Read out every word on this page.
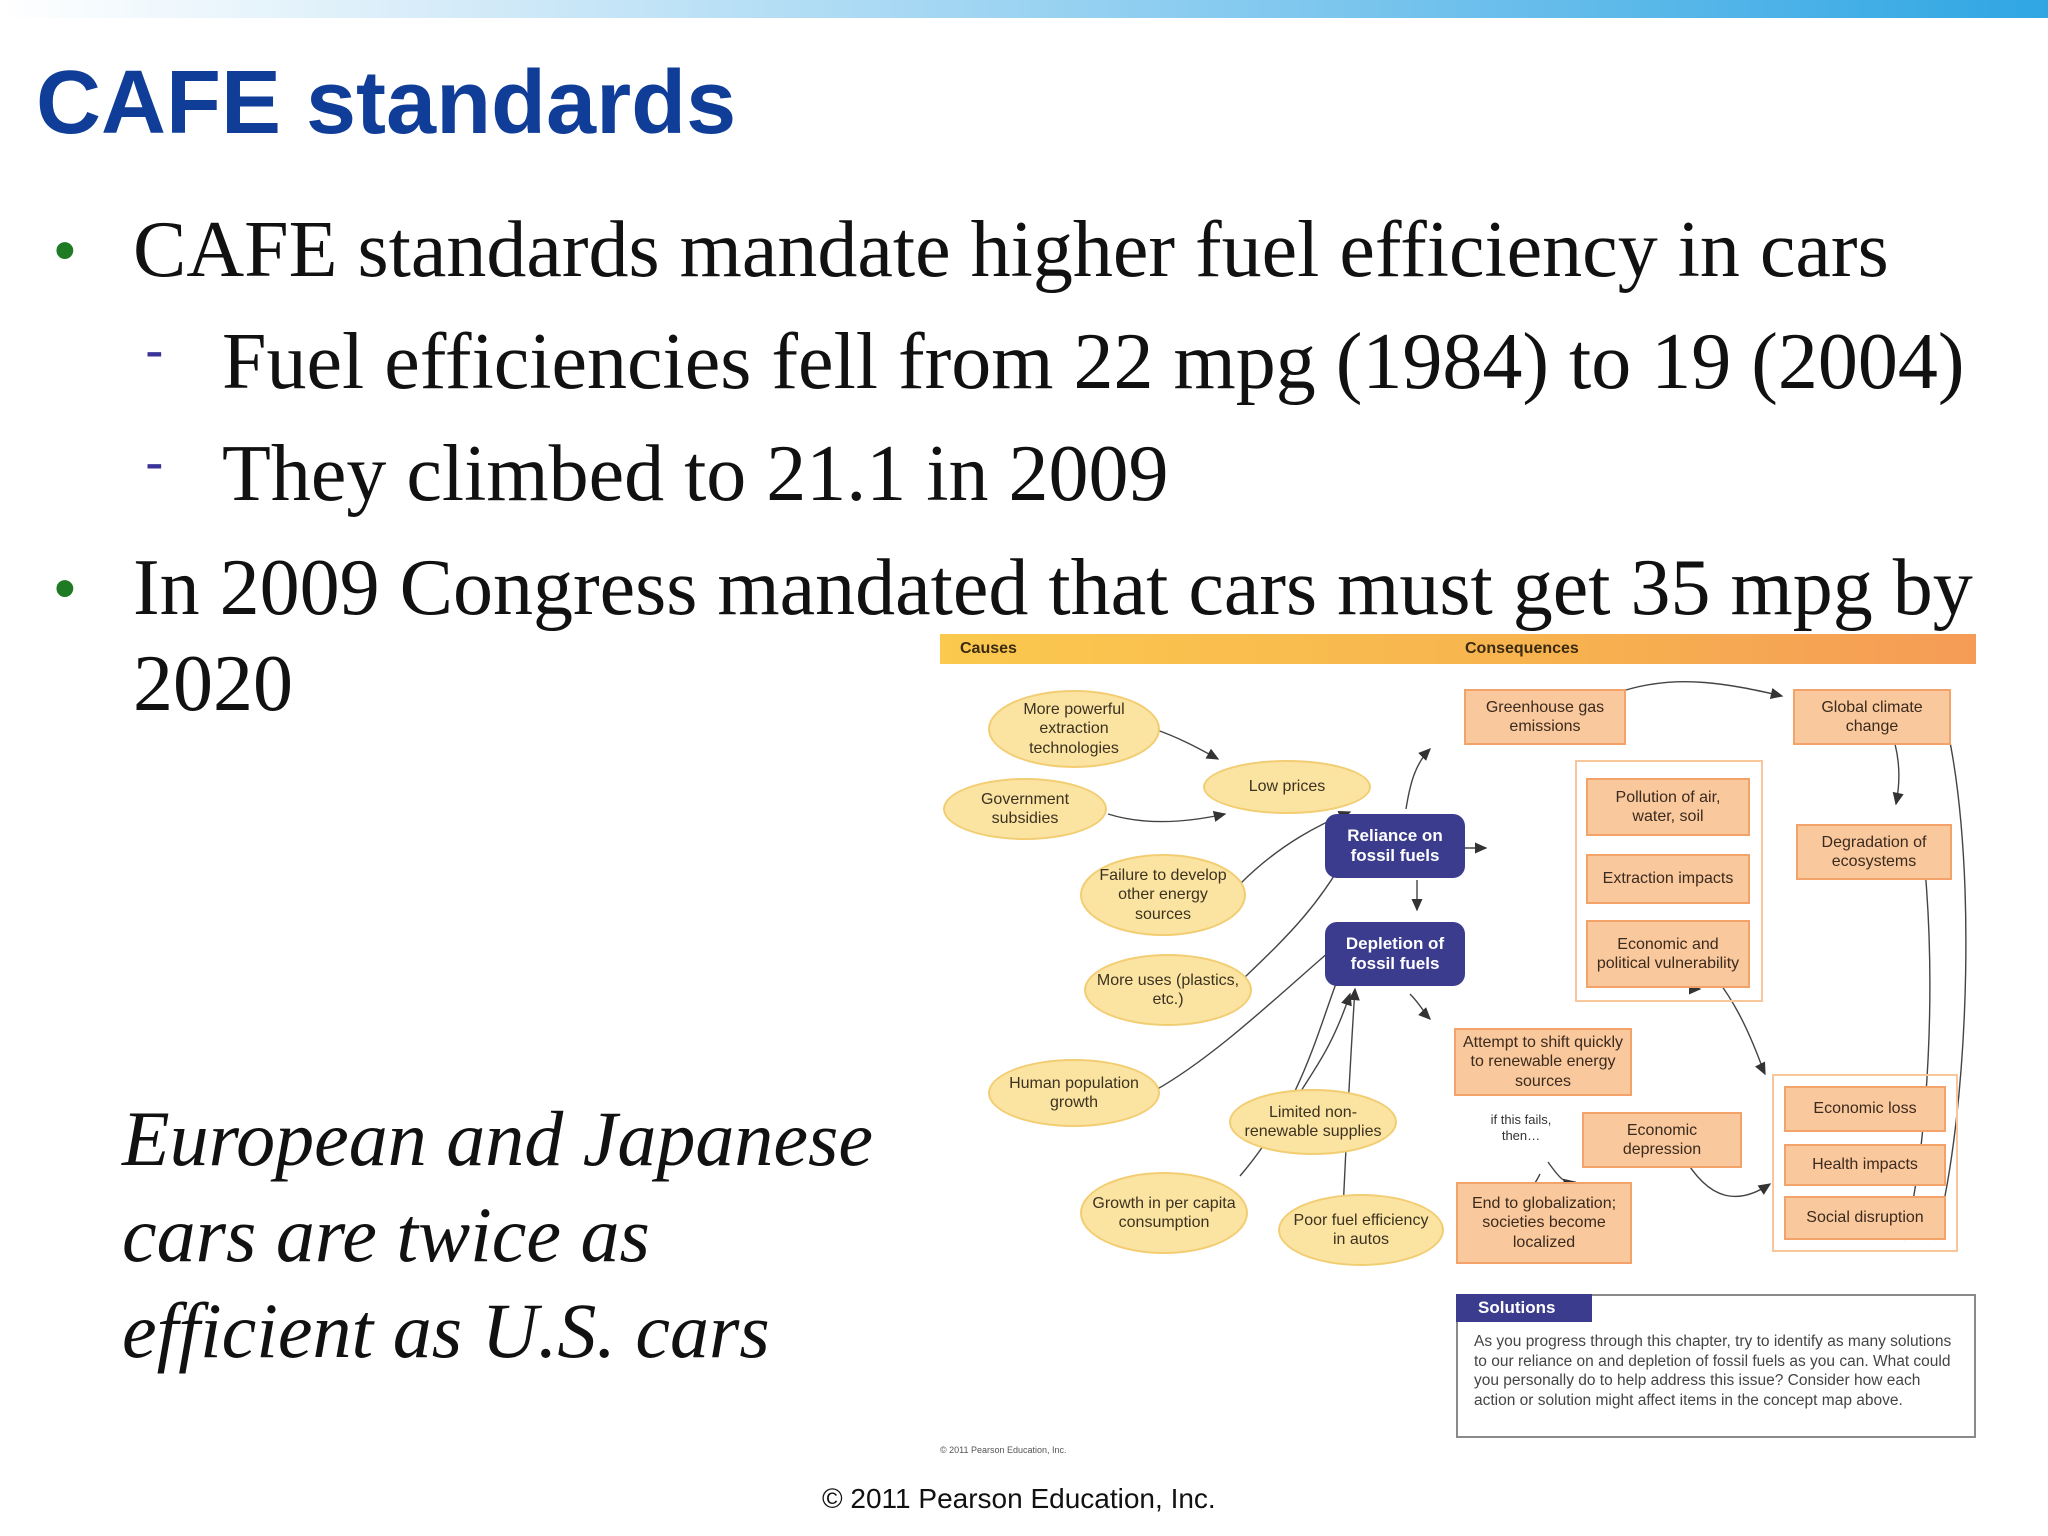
CAFE standards
• CAFE standards mandate higher fuel efficiency in cars
- Fuel efficiencies fell from 22 mpg (1984) to 19 (2004)
- They climbed to 21.1 in 2009
• In 2009 Congress mandated that cars must get 35 mpg by
2020
European and Japanese
cars are twice as
efficient as U.S. cars
© 2011 Pearson Education, Inc.
Causes	Consequences
More powerful extraction technologies
Government subsidies
Low prices
Failure to develop other energy sources
More uses (plastics, etc.)
Human population growth
Limited non-renewable supplies
Growth in per capita consumption	Poor fuel efficiency in autos
Reliance on fossil fuels
Depletion of fossil fuels
Greenhouse gas emissions
Global climate change
Pollution of air, water, soil
Extraction impacts
Economic and political vulnerability
Degradation of ecosystems
Attempt to shift quickly to renewable energy sources
if this fails, then…	Economic depression
End to globalization; societies become localized
Economic loss
Health impacts
Social disruption
Solutions
As you progress through this chapter, try to identify as many solutions to our reliance on and depletion of fossil fuels as you can. What could you personally do to help address this issue? Consider how each action or solution might affect items in the concept map above.
© 2011 Pearson Education, Inc.
